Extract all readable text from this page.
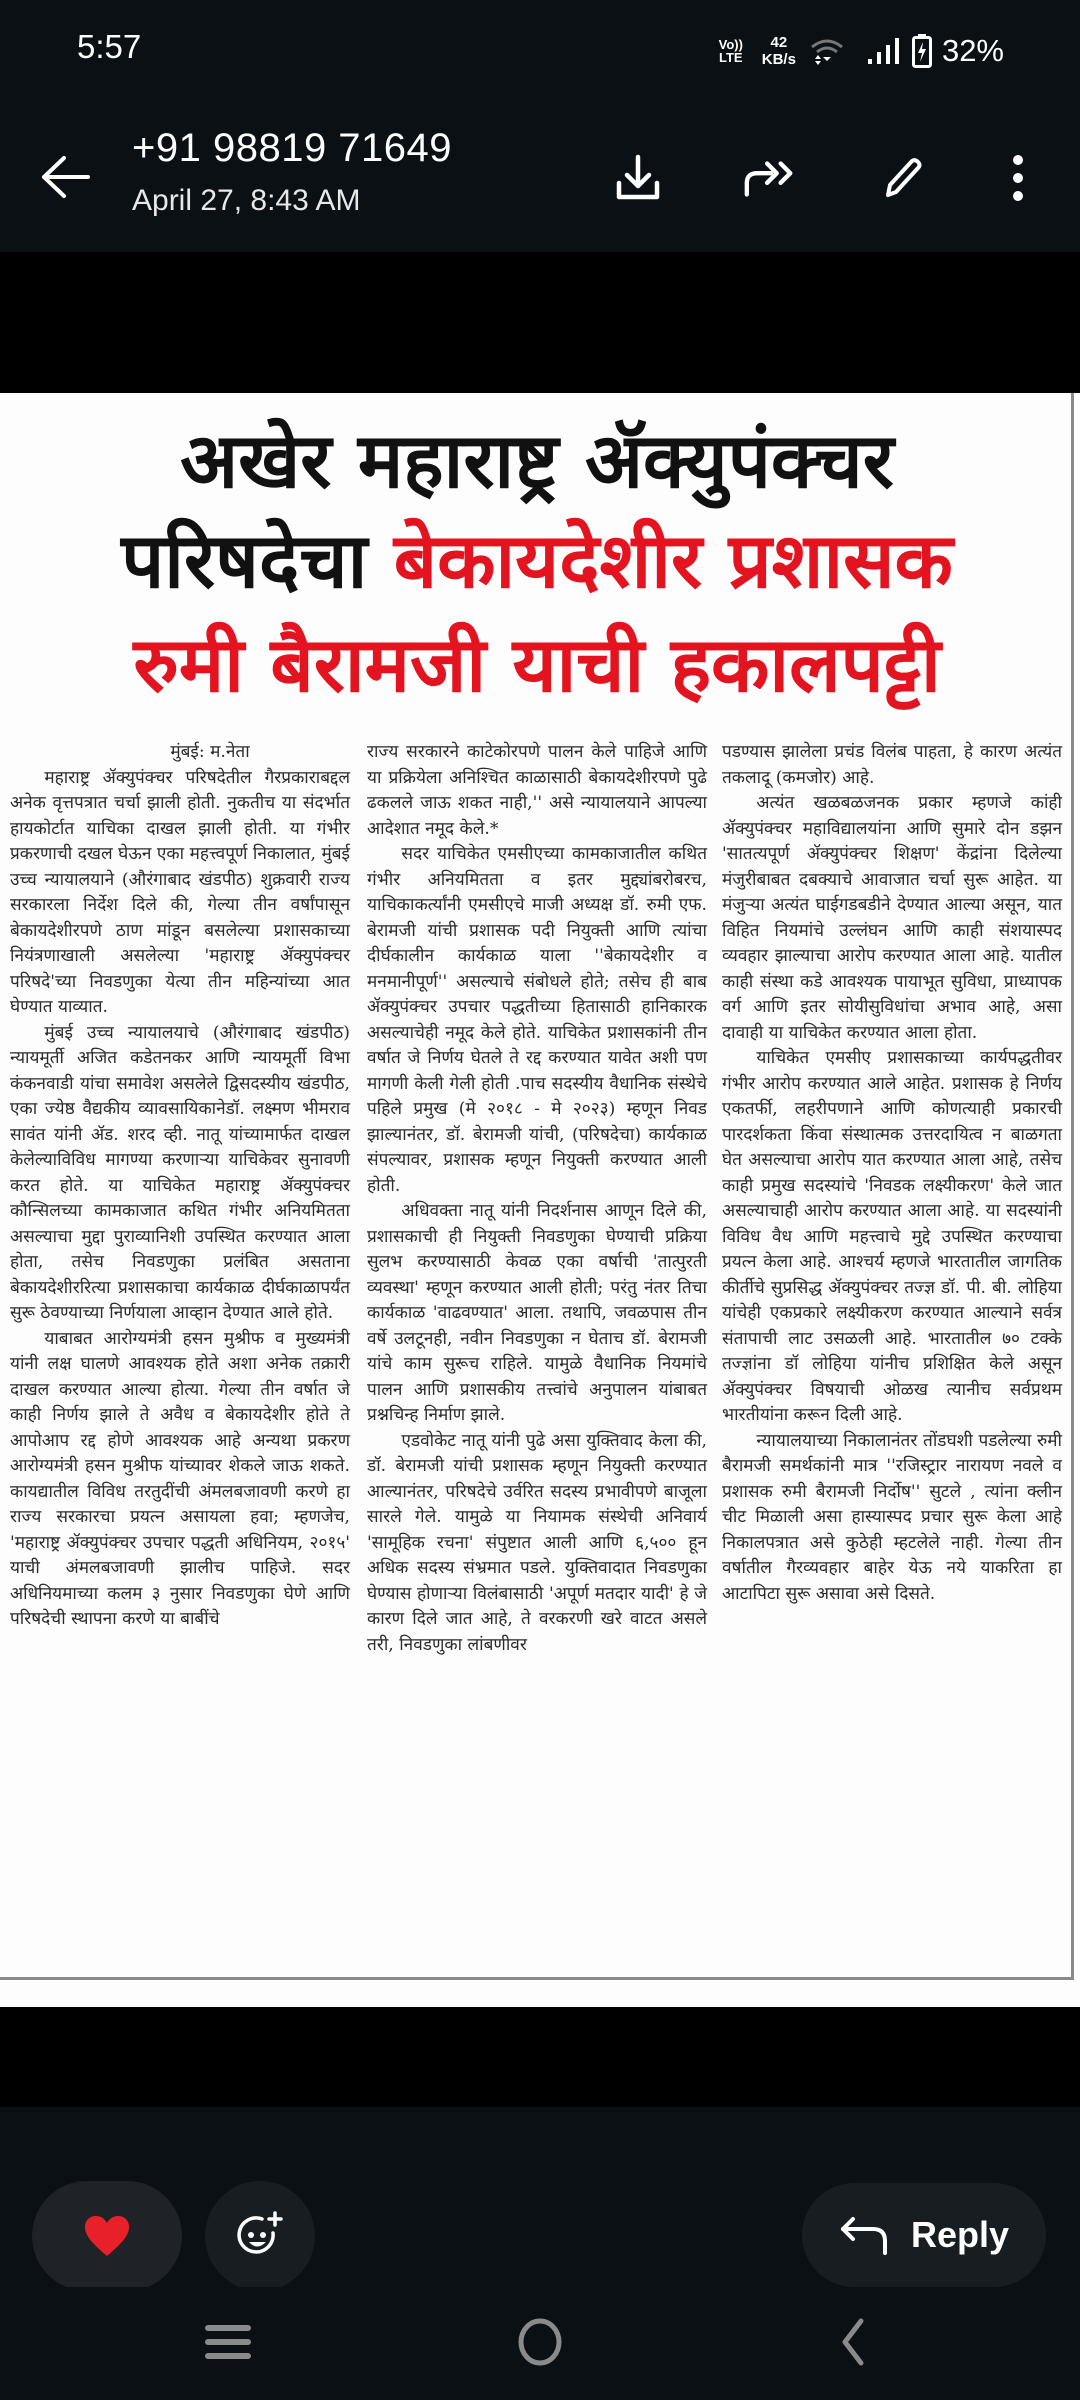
5:57	Vo))
LTE
42
KB/s	32%
+91 98819 71649
April 27, 8:43 AM
अखेर महाराष्ट्र ॲक्युपंक्चर
परिषदेचा बेकायदेशीर प्रशासक
रुमी बैरामजी याची हकालपट्टी

मुंबई: म.नेता

महाराष्ट्र ॲक्युपंक्चर परिषदेतील गैरप्रकाराबद्दल अनेक वृत्तपत्रात चर्चा झाली होती. नुकतीच या संदर्भात हायकोर्टात याचिका दाखल झाली होती. या गंभीर प्रकरणाची दखल घेऊन एका महत्त्वपूर्ण निकालात, मुंबई उच्च न्यायालयाने (औरंगाबाद खंडपीठ) शुक्रवारी राज्य सरकारला निर्देश दिले की, गेल्या तीन वर्षांपासून बेकायदेशीरपणे ठाण मांडून बसलेल्या प्रशासकाच्या नियंत्रणाखाली असलेल्या 'महाराष्ट्र ॲक्युपंक्चर परिषदे'च्या निवडणुका येत्या तीन महिन्यांच्या आत घेण्यात याव्यात.

मुंबई उच्च न्यायालयाचे (औरंगाबाद खंडपीठ) न्यायमूर्ती अजित कडेतनकर आणि न्यायमूर्ती विभा कंकनवाडी यांचा समावेश असलेले द्विसदस्यीय खंडपीठ, एका ज्येष्ठ वैद्यकीय व्यावसायिकानेडॉ. लक्ष्मण भीमराव सावंत यांनी ॲड. शरद व्ही. नातू यांच्यामार्फत दाखल केलेल्याविविध मागण्या करणाऱ्या याचिकेवर सुनावणी करत होते. या याचिकेत महाराष्ट्र ॲक्युपंक्चर कौन्सिलच्या कामकाजात कथित गंभीर अनियमितता असल्याचा मुद्दा पुराव्यानिशी उपस्थित करण्यात आला होता, तसेच निवडणुका प्रलंबित असताना बेकायदेशीररित्या प्रशासकाचा कार्यकाळ दीर्घकाळापर्यंत सुरू ठेवण्याच्या निर्णयाला आव्हान देण्यात आले होते.

याबाबत आरोग्यमंत्री हसन मुश्रीफ व मुख्यमंत्री यांनी लक्ष घालणे आवश्यक होते अशा अनेक तक्रारी दाखल करण्यात आल्या होत्या. गेल्या तीन वर्षात जे काही निर्णय झाले ते अवैध व बेकायदेशीर होते ते आपोआप रद्द होणे आवश्यक आहे अन्यथा प्रकरण आरोग्यमंत्री हसन मुश्रीफ यांच्यावर शेकले जाऊ शकते. कायद्यातील विविध तरतुदींची अंमलबजावणी करणे हा राज्य सरकारचा प्रयत्न असायला हवा; म्हणजेच, 'महाराष्ट्र ॲक्युपंक्चर उपचार पद्धती अधिनियम, २०१५' याची अंमलबजावणी झालीच पाहिजे. सदर अधिनियमाच्या कलम ३ नुसार निवडणुका घेणे आणि परिषदेची स्थापना करणे या बाबींचे

राज्य सरकारने काटेकोरपणे पालन केले पाहिजे आणि या प्रक्रियेला अनिश्चित काळासाठी बेकायदेशीरपणे पुढे ढकलले जाऊ शकत नाही,'' असे न्यायालयाने आपल्या आदेशात नमूद केले.*

सदर याचिकेत एमसीएच्या कामकाजातील कथित गंभीर अनियमितता व इतर मुद्द्यांबरोबरच, याचिकाकर्त्यांनी एमसीएचे माजी अध्यक्ष डॉ. रुमी एफ. बेरामजी यांची प्रशासक पदी नियुक्ती आणि त्यांचा दीर्घकालीन कार्यकाळ याला ''बेकायदेशीर व मनमानीपूर्ण'' असल्याचे संबोधले होते; तसेच ही बाब ॲक्युपंक्चर उपचार पद्धतीच्या हितासाठी हानिकारक असल्याचेही नमूद केले होते. याचिकेत प्रशासकांनी तीन वर्षात जे निर्णय घेतले ते रद्द करण्यात यावेत अशी पण मागणी केली गेली होती .पाच सदस्यीय वैधानिक संस्थेचे पहिले प्रमुख (मे २०१८ - मे २०२३) म्हणून निवड झाल्यानंतर, डॉ. बेरामजी यांची, (परिषदेचा) कार्यकाळ संपल्यावर, प्रशासक म्हणून नियुक्ती करण्यात आली होती.

अधिवक्ता नातू यांनी निदर्शनास आणून दिले की, प्रशासकाची ही नियुक्ती निवडणुका घेण्याची प्रक्रिया सुलभ करण्यासाठी केवळ एका वर्षाची 'तात्पुरती व्यवस्था' म्हणून करण्यात आली होती; परंतु नंतर तिचा कार्यकाळ 'वाढवण्यात' आला. तथापि, जवळपास तीन वर्षे उलटूनही, नवीन निवडणुका न घेताच डॉ. बेरामजी यांचे काम सुरूच राहिले. यामुळे वैधानिक नियमांचे पालन आणि प्रशासकीय तत्त्वांचे अनुपालन यांबाबत प्रश्नचिन्ह निर्माण झाले.

एडवोकेट नातू यांनी पुढे असा युक्तिवाद केला की, डॉ. बेरामजी यांची प्रशासक म्हणून नियुक्ती करण्यात आल्यानंतर, परिषदेचे उर्वरित सदस्य प्रभावीपणे बाजूला सारले गेले. यामुळे या नियामक संस्थेची अनिवार्य 'सामूहिक रचना' संपुष्टात आली आणि ६,५०० हून अधिक सदस्य संभ्रमात पडले. युक्तिवादात निवडणुका घेण्यास होणाऱ्या विलंबासाठी 'अपूर्ण मतदार यादी' हे जे कारण दिले जात आहे, ते वरकरणी खरे वाटत असले तरी, निवडणुका लांबणीवर

पडण्यास झालेला प्रचंड विलंब पाहता, हे कारण अत्यंत तकलादू (कमजोर) आहे.

अत्यंत खळबळजनक प्रकार म्हणजे कांही ॲक्युपंक्चर महाविद्यालयांना आणि सुमारे दोन डझन 'सातत्यपूर्ण ॲक्युपंक्चर शिक्षण' केंद्रांना दिलेल्या मंजुरीबाबत दबक्याचे आवाजात चर्चा सुरू आहेत. या मंजुऱ्या अत्यंत घाईगडबडीने देण्यात आल्या असून, यात विहित नियमांचे उल्लंघन आणि काही संशयास्पद व्यवहार झाल्याचा आरोप करण्यात आला आहे. यातील काही संस्था कडे आवश्यक पायाभूत सुविधा, प्राध्यापक वर्ग आणि इतर सोयीसुविधांचा अभाव आहे, असा दावाही या याचिकेत करण्यात आला होता.

याचिकेत एमसीए प्रशासकाच्या कार्यपद्धतीवर गंभीर आरोप करण्यात आले आहेत. प्रशासक हे निर्णय एकतर्फी, लहरीपणाने आणि कोणत्याही प्रकारची पारदर्शकता किंवा संस्थात्मक उत्तरदायित्व न बाळगता घेत असल्याचा आरोप यात करण्यात आला आहे, तसेच काही प्रमुख सदस्यांचे 'निवडक लक्ष्यीकरण' केले जात असल्याचाही आरोप करण्यात आला आहे. या सदस्यांनी विविध वैध आणि महत्त्वाचे मुद्दे उपस्थित करण्याचा प्रयत्न केला आहे. आश्चर्य म्हणजे भारतातील जागतिक कीर्तीचे सुप्रसिद्ध ॲक्युपंक्चर तज्ज्ञ डॉ. पी. बी. लोहिया यांचेही एकप्रकारे लक्ष्यीकरण करण्यात आल्याने सर्वत्र संतापाची लाट उसळली आहे. भारतातील ७० टक्के तज्ज्ञांना डॉ लोहिया यांनीच प्रशिक्षित केले असून ॲक्युपंक्चर विषयाची ओळख त्यानीच सर्वप्रथम भारतीयांना करून दिली आहे.

न्यायालयाच्या निकालानंतर तोंडघशी पडलेल्या रुमी बैरामजी समर्थकांनी मात्र ''रजिस्ट्रार नारायण नवले व प्रशासक रुमी बैरामजी निर्दोष'' सुटले , त्यांना क्लीन चीट मिळाली असा हास्यास्पद प्रचार सुरू केला आहे निकालपत्रात असे कुठेही म्हटलेले नाही. गेल्या तीन वर्षातील गैरव्यवहार बाहेर येऊ नये याकरिता हा आटापिटा सुरू असावा असे दिसते.

Reply
